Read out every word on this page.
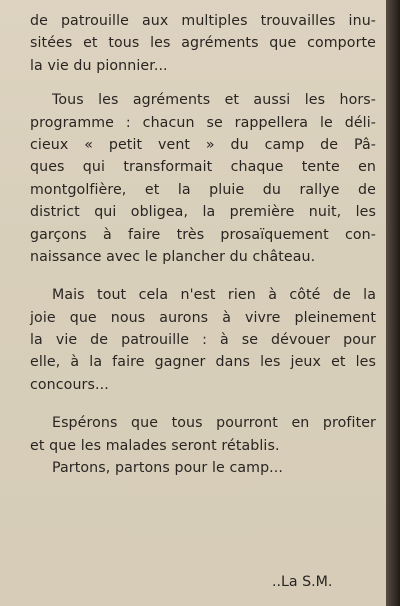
de patrouille aux multiples trouvailles inu-
sitées et tous les agréments que comporte
la vie du pionnier...
Tous les agréments et aussi les hors-
programme : chacun se rappellera le déli-
cieux « petit vent » du camp de Pâ-
ques qui transformait chaque tente en
montgolfière, et la pluie du rallye de
district qui obligea, la première nuit, les
garçons à faire très prosaïquement con-
naissance avec le plancher du château.
Mais tout cela n'est rien à côté de la
joie que nous aurons à vivre pleinement
la vie de patrouille : à se dévouer pour
elle, à la faire gagner dans les jeux et les
concours...
Espérons que tous pourront en profiter
et que les malades seront rétablis.
Partons, partons pour le camp...
..La S.M.
